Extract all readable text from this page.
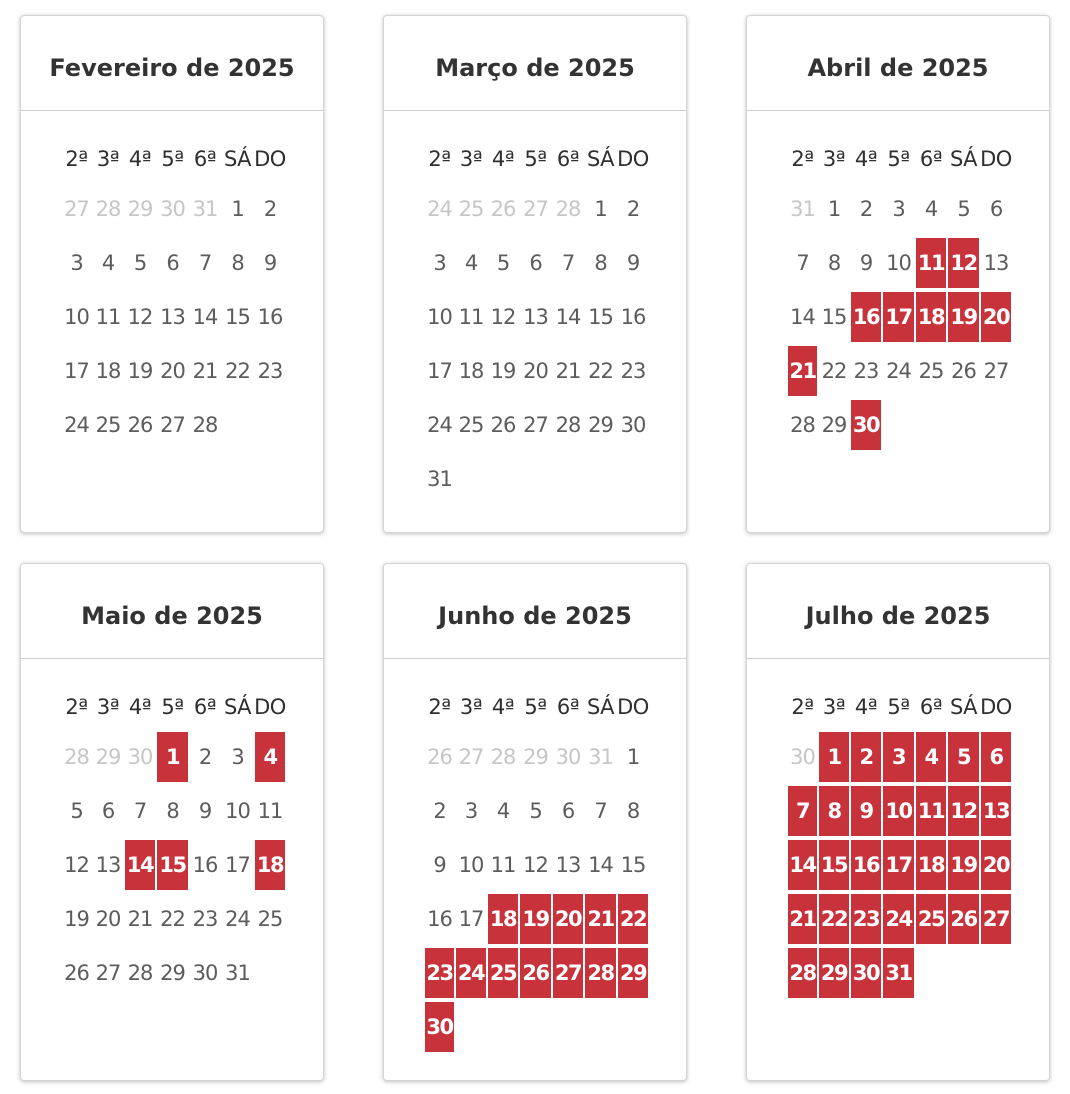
Fevereiro de 2025
2ª 3ª 4ª 5ª 6ª SÁ DO
27 28 29 30 31 1 2
3 4 5 6 7 8 9
10 11 12 13 14 15 16
17 18 19 20 21 22 23
24 25 26 27 28
Março de 2025
2ª 3ª 4ª 5ª 6ª SÁ DO
24 25 26 27 28 1 2
3 4 5 6 7 8 9
10 11 12 13 14 15 16
17 18 19 20 21 22 23
24 25 26 27 28 29 30
31
Abril de 2025
2ª 3ª 4ª 5ª 6ª SÁ DO
31 1 2 3 4 5 6
7 8 9 10 11 12 13
14 15 16 17 18 19 20
21 22 23 24 25 26 27
28 29 30
Maio de 2025
2ª 3ª 4ª 5ª 6ª SÁ DO
28 29 30 1 2 3 4
5 6 7 8 9 10 11
12 13 14 15 16 17 18
19 20 21 22 23 24 25
26 27 28 29 30 31
Junho de 2025
2ª 3ª 4ª 5ª 6ª SÁ DO
26 27 28 29 30 31 1
2 3 4 5 6 7 8
9 10 11 12 13 14 15
16 17 18 19 20 21 22
23 24 25 26 27 28 29
30
Julho de 2025
2ª 3ª 4ª 5ª 6ª SÁ DO
30 1 2 3 4 5 6
7 8 9 10 11 12 13
14 15 16 17 18 19 20
21 22 23 24 25 26 27
28 29 30 31
